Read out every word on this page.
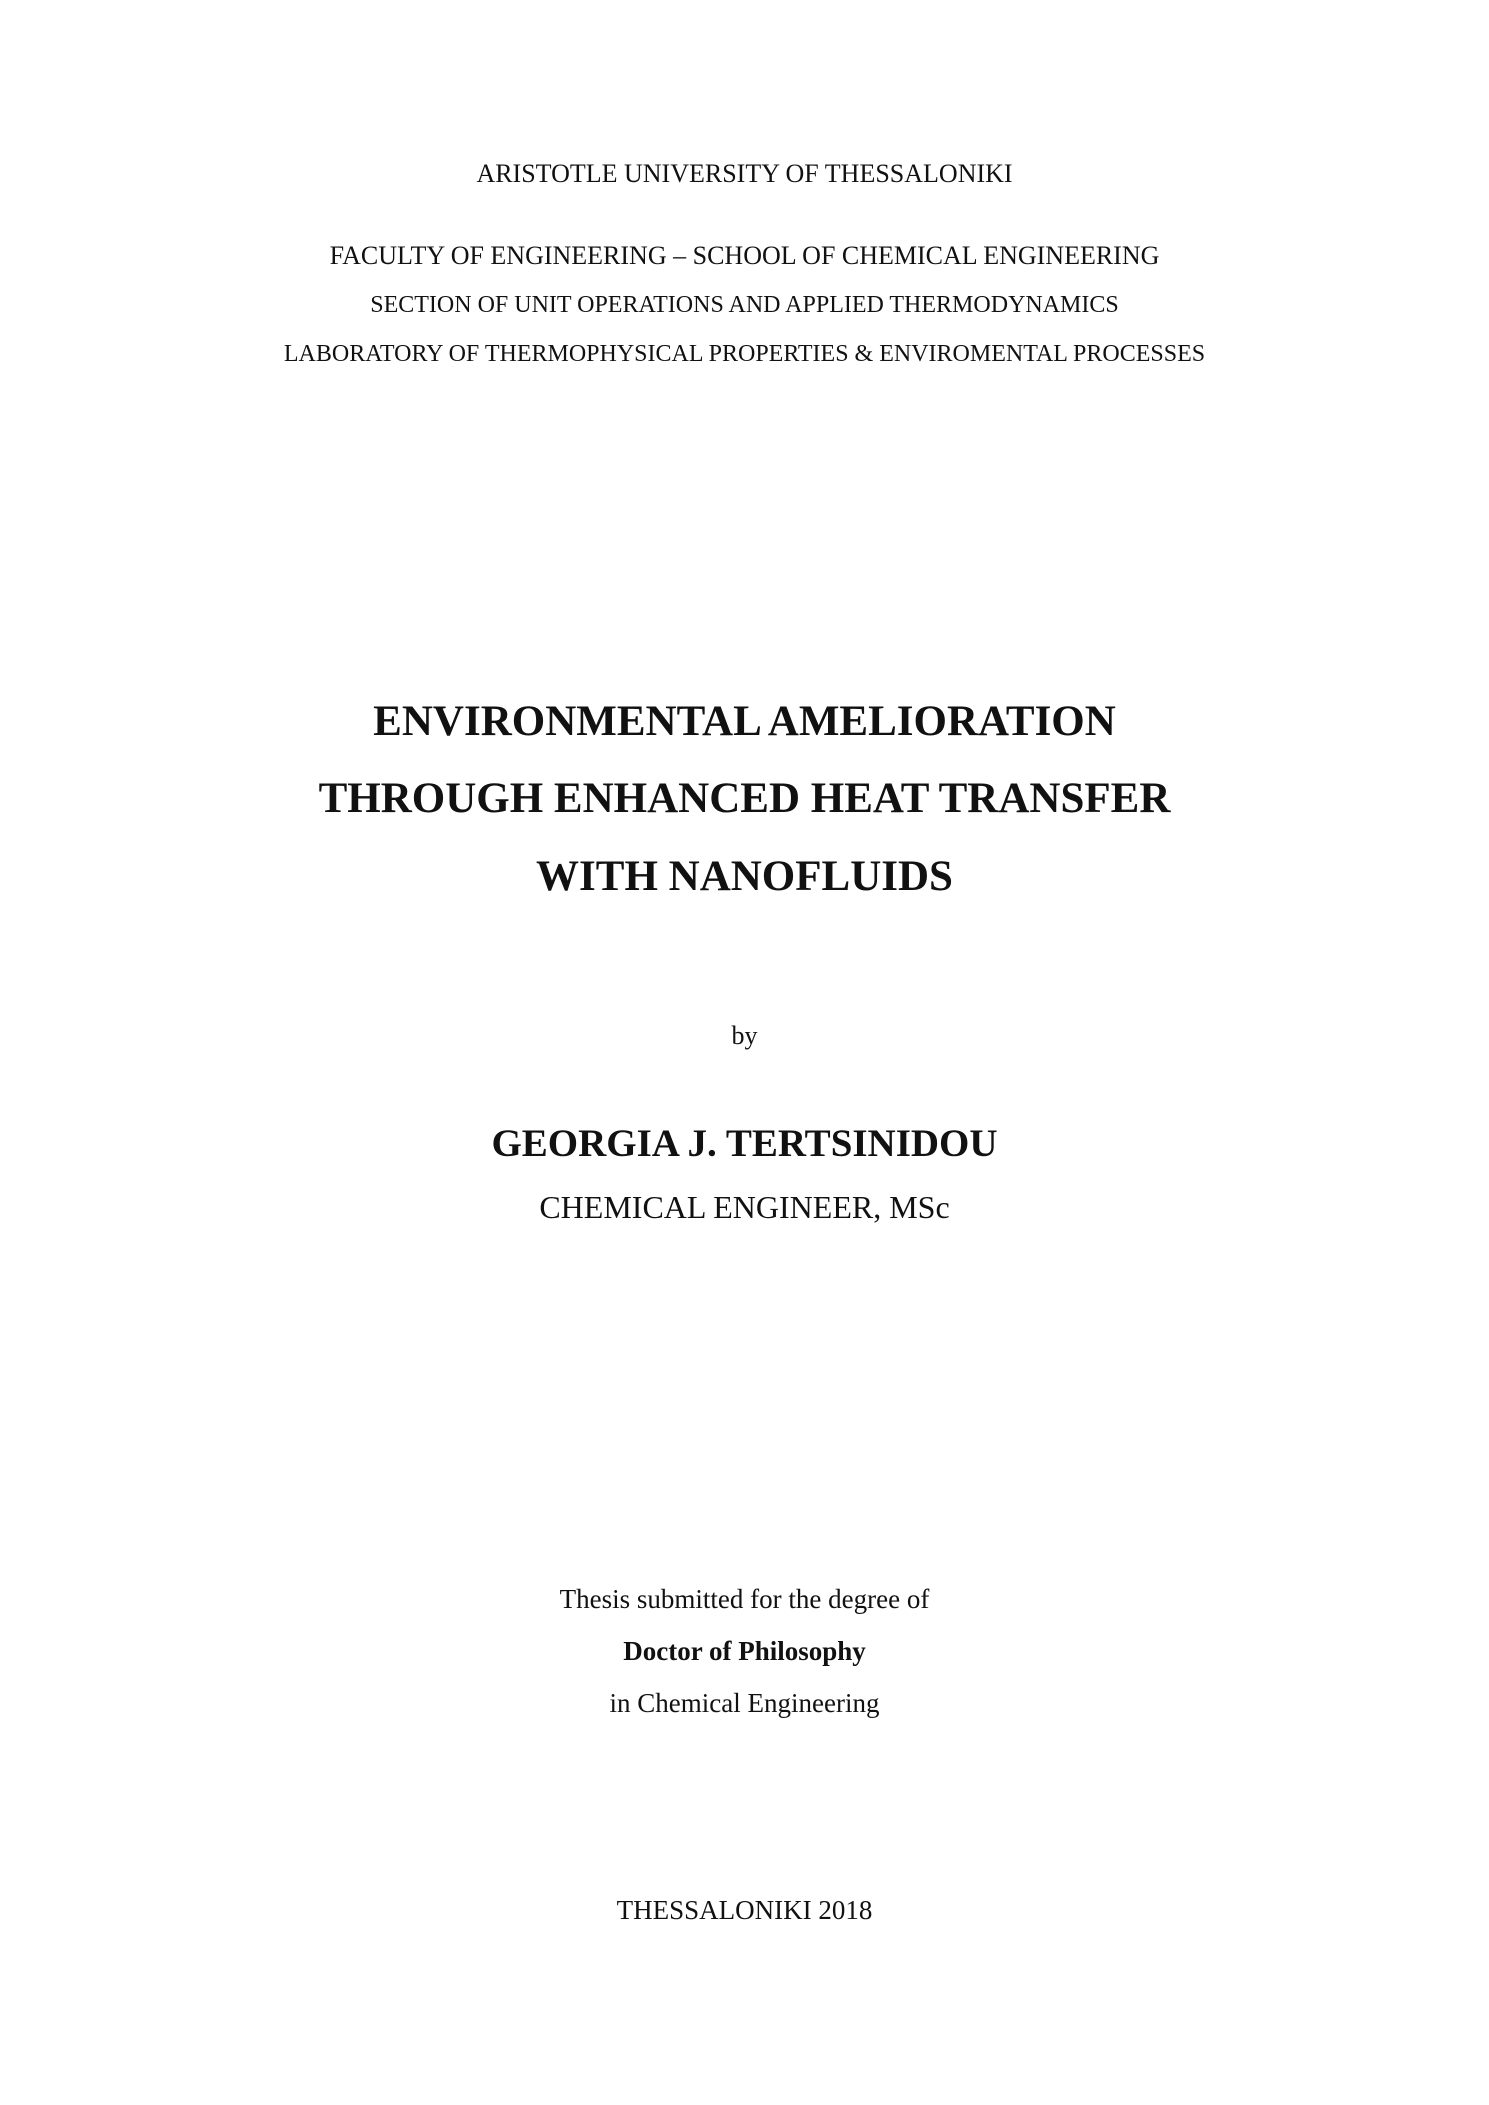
ARISTOTLE UNIVERSITY OF THESSALONIKI
FACULTY OF ENGINEERING – SCHOOL OF CHEMICAL ENGINEERING
SECTION OF UNIT OPERATIONS AND APPLIED THERMODYNAMICS
LABORATORY OF THERMOPHYSICAL PROPERTIES & ENVIROMENTAL PROCESSES
ENVIRONMENTAL AMELIORATION
THROUGH ENHANCED HEAT TRANSFER
WITH NANOFLUIDS
by
GEORGIA J. TERTSINIDOU
CHEMICAL ENGINEER, MSc
Thesis submitted for the degree of
Doctor of Philosophy
in Chemical Engineering
THESSALONIKI 2018
